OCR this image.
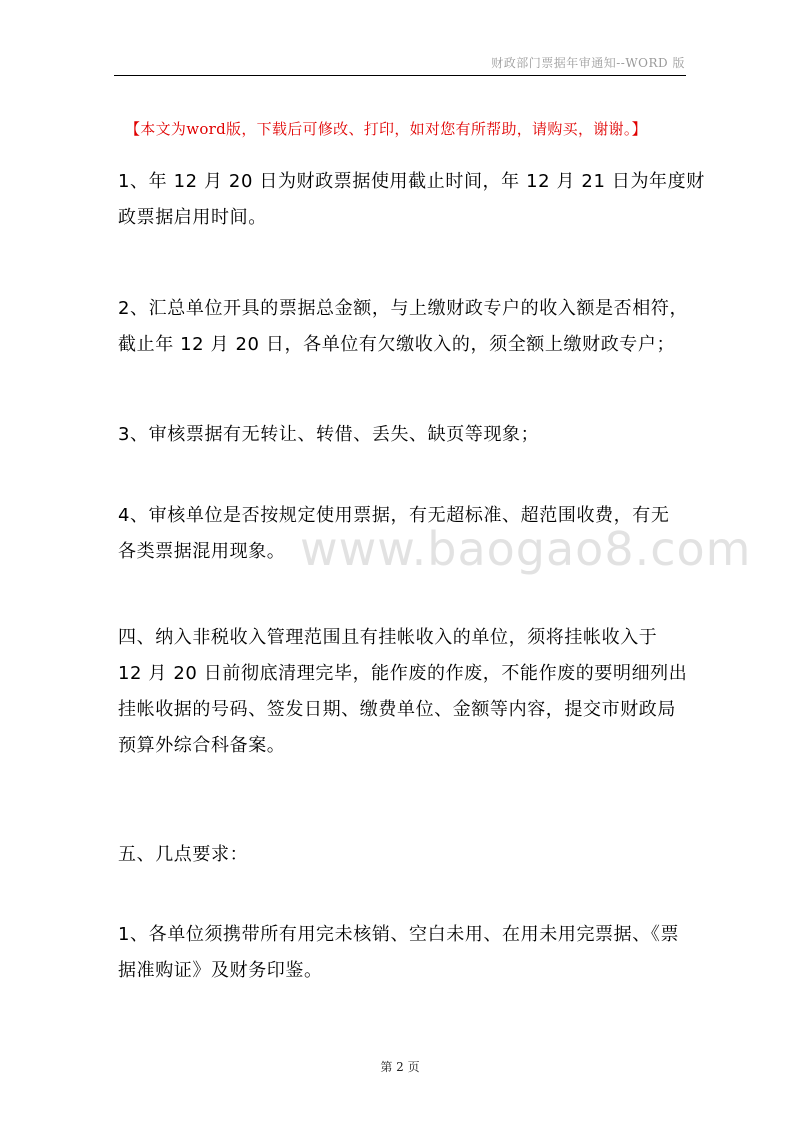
财政部门票据年审通知--WORD 版
【本文为word版，下载后可修改、打印，如对您有所帮助，请购买，谢谢。】
www.baogao8.com
1、年 12 月 20 日为财政票据使用截止时间，年 12 月 21 日为年度财
政票据启用时间。
2、汇总单位开具的票据总金额，与上缴财政专户的收入额是否相符，
截止年 12 月 20 日，各单位有欠缴收入的，须全额上缴财政专户；
3、审核票据有无转让、转借、丢失、缺页等现象；
4、审核单位是否按规定使用票据，有无超标准、超范围收费，有无
各类票据混用现象。
四、纳入非税收入管理范围且有挂帐收入的单位，须将挂帐收入于
12 月 20 日前彻底清理完毕，能作废的作废，不能作废的要明细列出
挂帐收据的号码、签发日期、缴费单位、金额等内容，提交市财政局
预算外综合科备案。
五、几点要求：
1、各单位须携带所有用完未核销、空白未用、在用未用完票据、《票
据准购证》及财务印鉴。
第 2 页
